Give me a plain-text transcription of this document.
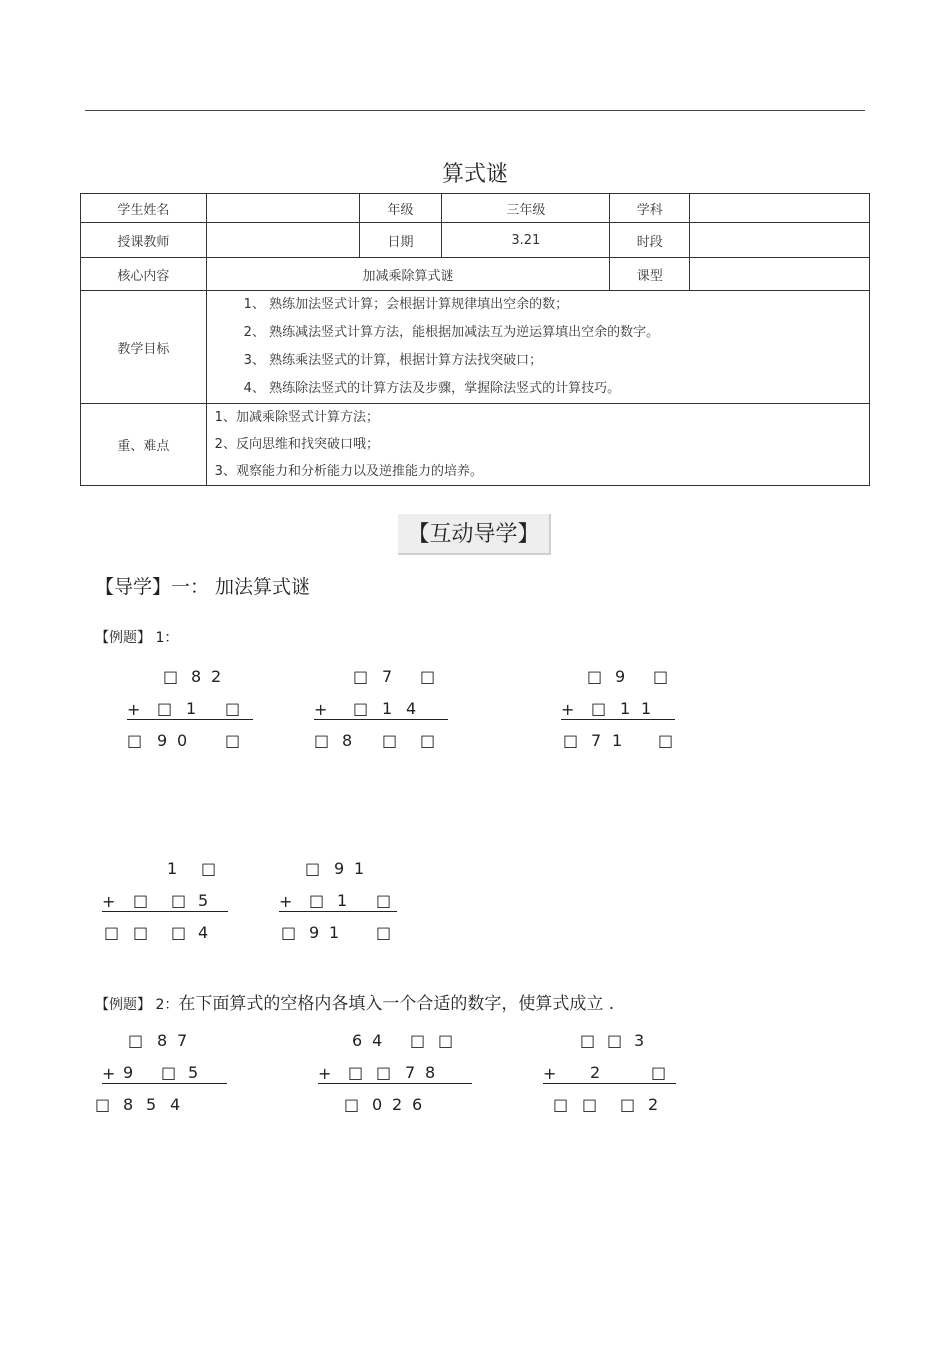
算式谜
学生姓名		年级	三年级	学科	
授课教师		日期	3.21	时段	
核心内容	加减乘除算式谜			课型	
教学目标	1、 熟练加法竖式计算；会根据计算规律填出空余的数；
2、 熟练减法竖式计算方法，能根据加减法互为逆运算填出空余的数字。
3、 熟练乘法竖式的计算，根据计算方法找突破口；
4、 熟练除法竖式的计算方法及步骤，掌握除法竖式的计算技巧。				

重、难点	1、加减乘除竖式计算方法；
2、反向思维和找突破口哦；
3、观察能力和分析能力以及逆推能力的培养。				
【互动导学】
【导学】一： 加法算式谜
【例题】 1：
【例题】 2：在下面算式的空格内各填入一个合适的数字，使算式成立 .
□ 8 2
+ □ 1 □
□ 9 0 □
□ 7 □
+ □ 1 4
□ 8 □ □
□ 9 □
+ □ 1 1
□ 7 1 □
1 □
+ □ □ 5
□ □ □ 4
□ 9 1
+ □ 1 □
□ 9 1 □
□ 8 7
+ 9 □ 5
□ 8 5 4
6 4 □ □
+ □ □ 7 8
□ 0 2 6
□ □ 3
+ 2	□
□ □ □ 2
